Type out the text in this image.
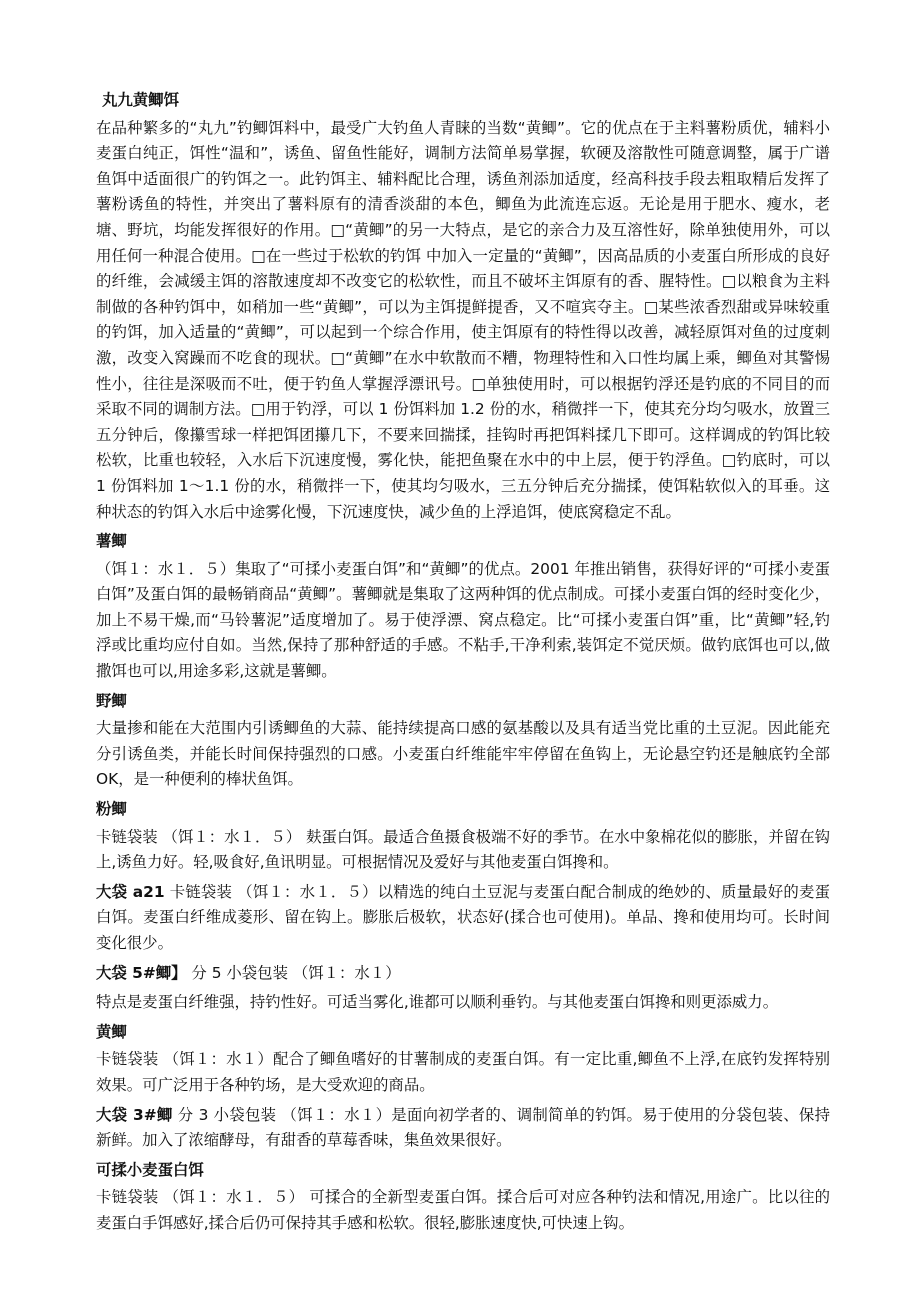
丸九黄鲫饵

在品种繁多的“丸九”钓鲫饵料中，最受广大钓鱼人青睐的当数“黄鲫”。它的优点在于主料薯粉质优，辅料小麦蛋白纯正，饵性“温和”，诱鱼、留鱼性能好，调制方法简单易掌握，软硬及溶散性可随意调整，属于广谱鱼饵中适面很广的钓饵之一。此钓饵主、辅料配比合理，诱鱼剂添加适度，经高科技手段去粗取精后发挥了薯粉诱鱼的特性，并突出了薯料原有的清香淡甜的本色，鲫鱼为此流连忘返。无论是用于肥水、瘦水，老塘、野坑，均能发挥很好的作用。□“黄鲫”的另一大特点，是它的亲合力及互溶性好，除单独使用外，可以用任何一种混合使用。□在一些过于松软的钓饵 中加入一定量的“黄鲫”，因高品质的小麦蛋白所形成的良好的纤维，会减缓主饵的溶散速度却不改变它的松软性，而且不破坏主饵原有的香、腥特性。□以粮食为主料制做的各种钓饵中，如稍加一些“黄鲫”，可以为主饵提鲜提香，又不喧宾夺主。□某些浓香烈甜或异味较重的钓饵，加入适量的“黄鲫”，可以起到一个综合作用，使主饵原有的特性得以改善，减轻原饵对鱼的过度刺激，改变入窝躁而不吃食的现状。□“黄鲫”在水中软散而不糟，物理特性和入口性均属上乘，鲫鱼对其警惕性小，往往是深吸而不吐，便于钓鱼人掌握浮漂讯号。□单独使用时，可以根据钓浮还是钓底的不同目的而采取不同的调制方法。□用于钓浮，可以 1 份饵料加 1.2 份的水，稍微拌一下，使其充分均匀吸水，放置三五分钟后，像攥雪球一样把饵团攥几下，不要来回揣揉，挂钩时再把饵料揉几下即可。这样调成的钓饵比较松软，比重也较轻，入水后下沉速度慢，雾化快，能把鱼聚在水中的中上层，便于钓浮鱼。□钓底时，可以 1 份饵料加 1～1.1 份的水，稍微拌一下，使其均匀吸水，三五分钟后充分揣揉，使饵粘软似入的耳垂。这种状态的钓饵入水后中途雾化慢，下沉速度快，减少鱼的上浮追饵，使底窝稳定不乱。

薯鲫

（饵１：水１．５）集取了“可揉小麦蛋白饵”和“黄鲫”的优点。2001 年推出销售，获得好评的“可揉小麦蛋白饵”及蛋白饵的最畅销商品“黄鲫”。薯鲫就是集取了这两种饵的优点制成。可揉小麦蛋白饵的经时变化少，加上不易干燥,而“马铃薯泥”适度增加了。易于使浮漂、窝点稳定。比“可揉小麦蛋白饵”重，比“黄鲫”轻,钓浮或比重均应付自如。当然,保持了那种舒适的手感。不粘手,干净利索,装饵定不觉厌烦。做钓底饵也可以,做撒饵也可以,用途多彩,这就是薯鲫。

野鲫

大量掺和能在大范围内引诱鲫鱼的大蒜、能持续提高口感的氨基酸以及具有适当党比重的土豆泥。因此能充分引诱鱼类，并能长时间保持强烈的口感。小麦蛋白纤维能牢牢停留在鱼钩上，无论悬空钓还是触底钓全部 OK，是一种便利的棒状鱼饵。

粉鲫

卡链袋装 （饵１：水１．５） 麸蛋白饵。最适合鱼摄食极端不好的季节。在水中象棉花似的膨胀，并留在钩上,诱鱼力好。轻,吸食好,鱼讯明显。可根据情况及爱好与其他麦蛋白饵搀和。

大袋 a21 卡链袋装 （饵１：水１．５）以精选的纯白土豆泥与麦蛋白配合制成的绝妙的、质量最好的麦蛋白饵。麦蛋白纤维成菱形、留在钩上。膨胀后极软，状态好(揉合也可使用)。单品、搀和使用均可。长时间变化很少。

大袋 5#鲫】 分 5 小袋包装 （饵１：水１）

特点是麦蛋白纤维强，持钓性好。可适当雾化,谁都可以顺利垂钓。与其他麦蛋白饵搀和则更添威力。

黄鲫

卡链袋装 （饵１：水１）配合了鲫鱼嗜好的甘薯制成的麦蛋白饵。有一定比重,鲫鱼不上浮,在底钓发挥特别效果。可广泛用于各种钓场，是大受欢迎的商品。

大袋 3#鲫 分 3 小袋包装 （饵１：水１）是面向初学者的、调制简单的钓饵。易于使用的分袋包装、保持新鲜。加入了浓缩酵母，有甜香的草莓香味，集鱼效果很好。

可揉小麦蛋白饵

卡链袋装 （饵１：水１．５） 可揉合的全新型麦蛋白饵。揉合后可对应各种钓法和情况,用途广。比以往的麦蛋白手饵感好,揉合后仍可保持其手感和松软。很轻,膨胀速度快,可快速上钩。
